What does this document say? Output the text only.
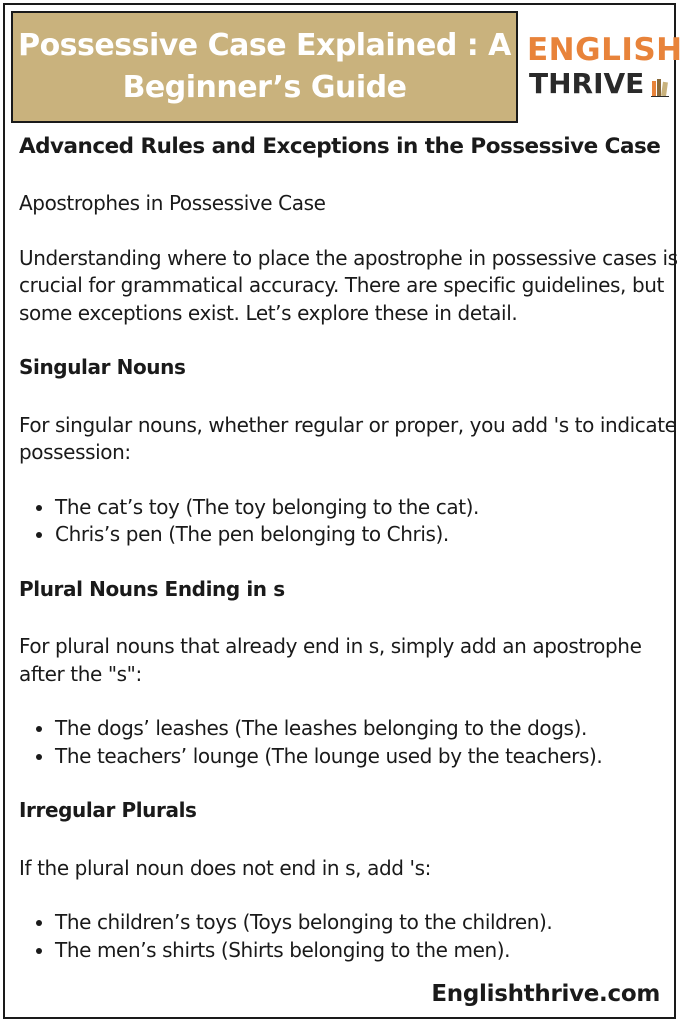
Possessive Case Explained : A
Beginner’s Guide
ENGLISH
THRIVE
Advanced Rules and Exceptions in the Possessive Case

Apostrophes in Possessive Case

Understanding where to place the apostrophe in possessive cases is crucial for grammatical accuracy. There are specific guidelines, but some exceptions exist. Let’s explore these in detail.

Singular Nouns

For singular nouns, whether regular or proper, you add 's to indicate possession:

• The cat’s toy (The toy belonging to the cat).
• Chris’s pen (The pen belonging to Chris).

Plural Nouns Ending in s

For plural nouns that already end in s, simply add an apostrophe after the "s":

• The dogs’ leashes (The leashes belonging to the dogs).
• The teachers’ lounge (The lounge used by the teachers).

Irregular Plurals

If the plural noun does not end in s, add 's:

• The children’s toys (Toys belonging to the children).
• The men’s shirts (Shirts belonging to the men).
Englishthrive.com
